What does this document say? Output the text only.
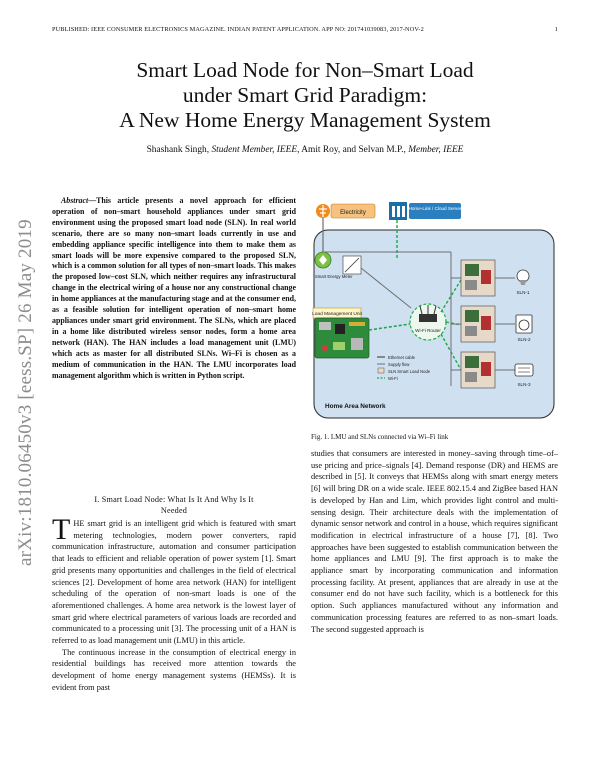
PUBLISHED: IEEE CONSUMER ELECTRONICS MAGAZINE. INDIAN PATENT APPLICATION. APP NO: 201741039083, 2017-NOV-2	1
arXiv:1810.06450v3 [eess.SP] 26 May 2019
Smart Load Node for Non–Smart Load
under Smart Grid Paradigm:
A New Home Energy Management System
Shashank Singh, Student Member, IEEE, Amit Roy, and Selvan M.P., Member, IEEE
Abstract—This article presents a novel approach for efficient operation of non–smart household appliances under smart grid environment using the proposed smart load node (SLN). In real world scenario, there are so many non–smart loads currently in use and embedding appliance specific intelligence into them to make them as smart loads will be more expensive compared to the proposed SLN, which is a common solution for all types of non–smart loads. This makes the proposed low–cost SLN, which neither requires any infrastructural change in the electrical wiring of a house nor any constructional change in home appliances at the manufacturing stage and at the consumer end, as a feasible solution for intelligent operation of non–smart home appliances under smart grid environment. The SLNs, which are placed in a home like distributed wireless sensor nodes, form a home area network (HAN). The HAN includes a load management unit (LMU) which acts as master for all distributed SLNs. Wi–Fi is chosen as a medium of communication in the HAN. The LMU incorporates load management algorithm which is written in Python script.
I. Smart Load Node: What Is It And Why Is It
Needed

THE smart grid is an intelligent grid which is featured with smart metering technologies, modern power converters, rapid communication infrastructure, automation and consumer participation that leads to efficient and reliable operation of power system [1]. Smart grid presents many opportunities and challenges in the field of electrical sciences [2]. Development of home area network (HAN) for intelligent scheduling of the operation of non-smart loads is one of the aforementioned challenges. A home area network is the lowest layer of smart grid where electrical parameters of various loads are recorded and communicated to a processing unit [3]. The processing unit of a HAN is referred to as load management unit (LMU) in this article.

The continuous increase in the consumption of electrical energy in residential buildings has received more attention towards the development of home energy management systems (HEMSs). It is evident from past

Electricity
Home-Link / Cloud Server
Smart Energy Meter
Load Management Unit
Wi-Fi Router
SLN-1
SLN-2
SLN-3
Ethernet cable
Supply flow
SLN Smart Load Node
Wi-Fi
Home Area Network
Fig. 1. LMU and SLNs connected via Wi–Fi link

studies that consumers are interested in money–saving through time–of–use pricing and price–signals [4]. Demand response (DR) and HEMS are described in [5]. It conveys that HEMSs along with smart energy meters [6] will bring DR on a wide scale. IEEE 802.15.4 and ZigBee based HAN is developed by Han and Lim, which provides light control and multi-sensing design. Their architecture deals with the implementation of dynamic sensor network and control in a house, which requires significant modification in electrical infrastructure of a house [7], [8]. Two approaches have been suggested to establish communication between the home appliances and LMU [9]. The first approach is to make the appliance smart by incorporating communication and information processing facility. At present, appliances that are already in use at the consumer end do not have such facility, which is a bottleneck for this option. Such appliances manufactured without any information and communication processing features are referred to as non–smart loads. The second suggested approach is
